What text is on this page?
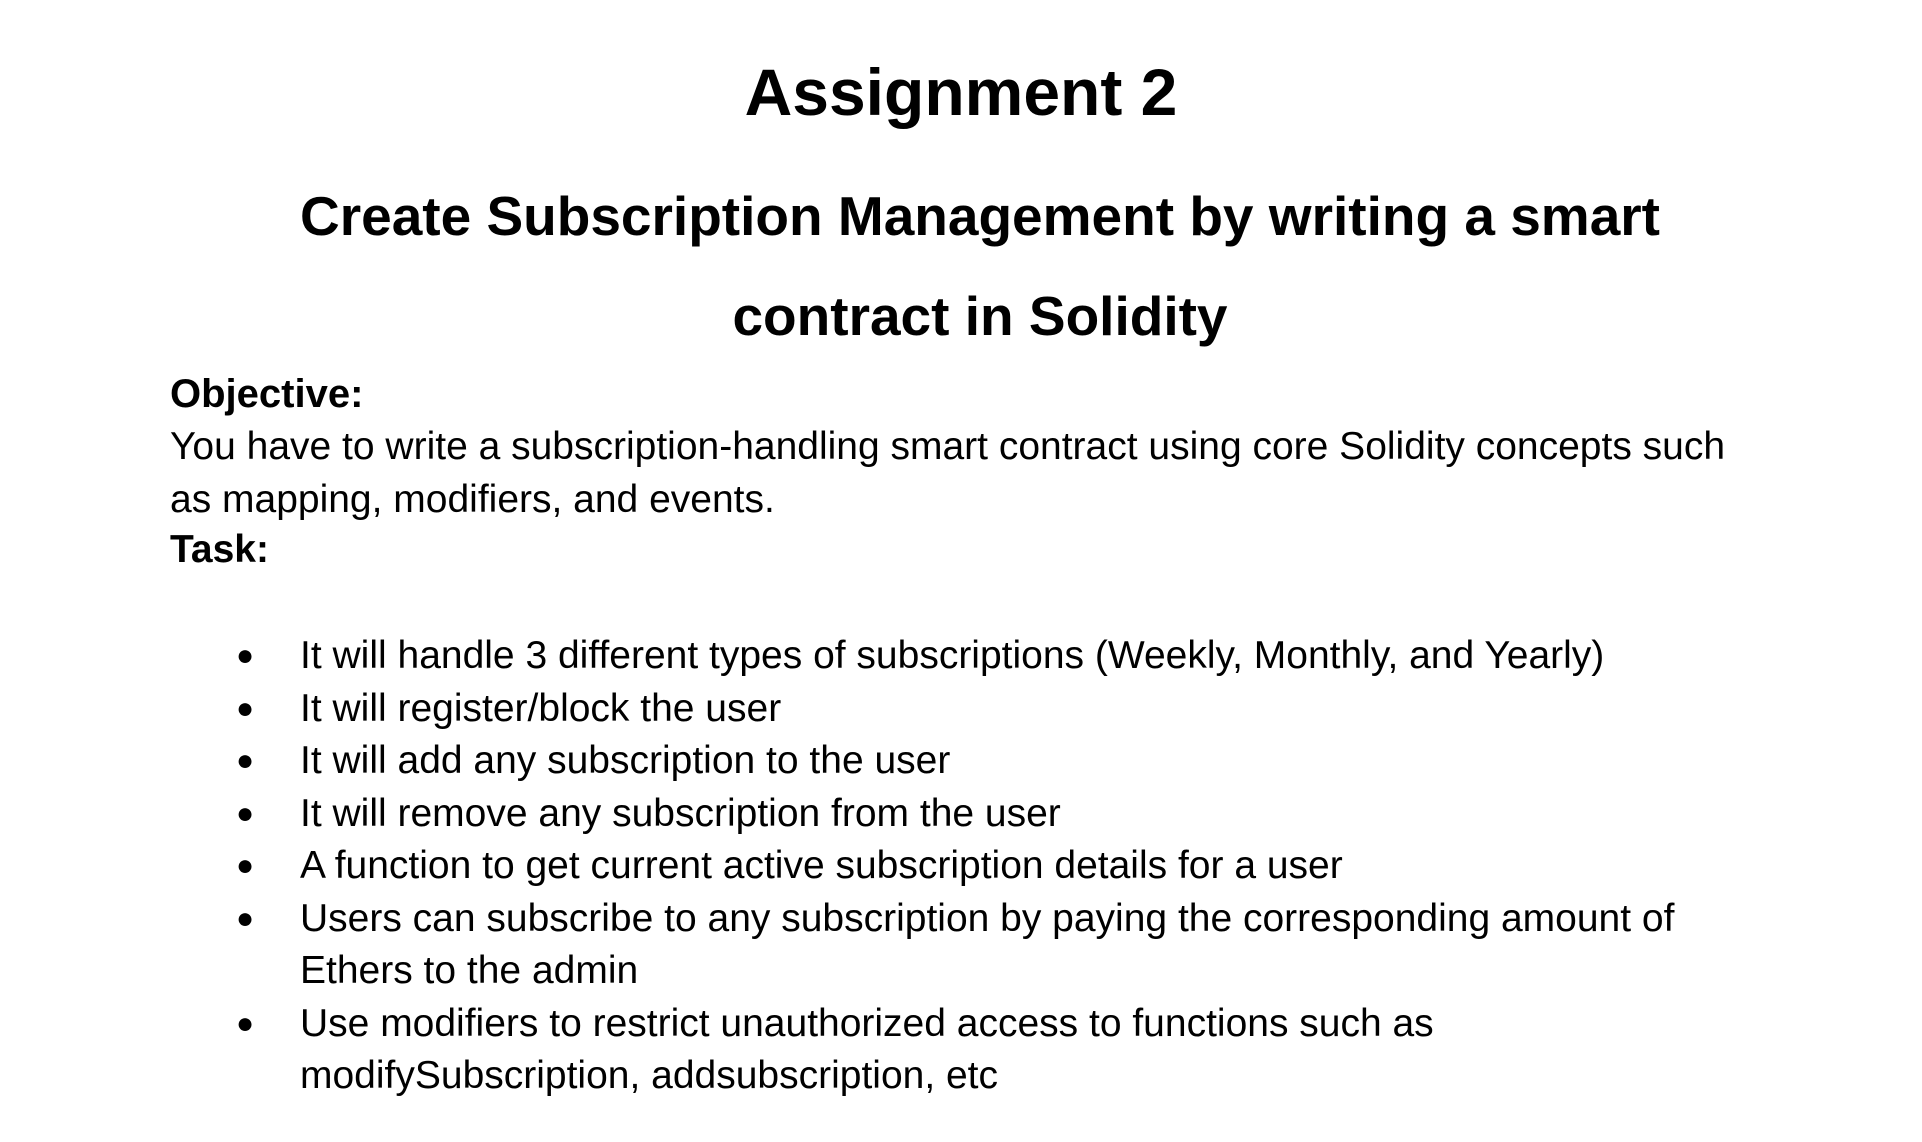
Assignment 2
Create Subscription Management by writing a smart contract in Solidity
Objective:

You have to write a subscription-handling smart contract using core Solidity concepts such as mapping, modifiers, and events.

Task:
● It will handle 3 different types of subscriptions (Weekly, Monthly, and Yearly)
● It will register/block the user
● It will add any subscription to the user
● It will remove any subscription from the user
● A function to get current active subscription details for a user
● Users can subscribe to any subscription by paying the corresponding amount of Ethers to the admin
● Use modifiers to restrict unauthorized access to functions such as modifySubscription, addsubscription, etc
